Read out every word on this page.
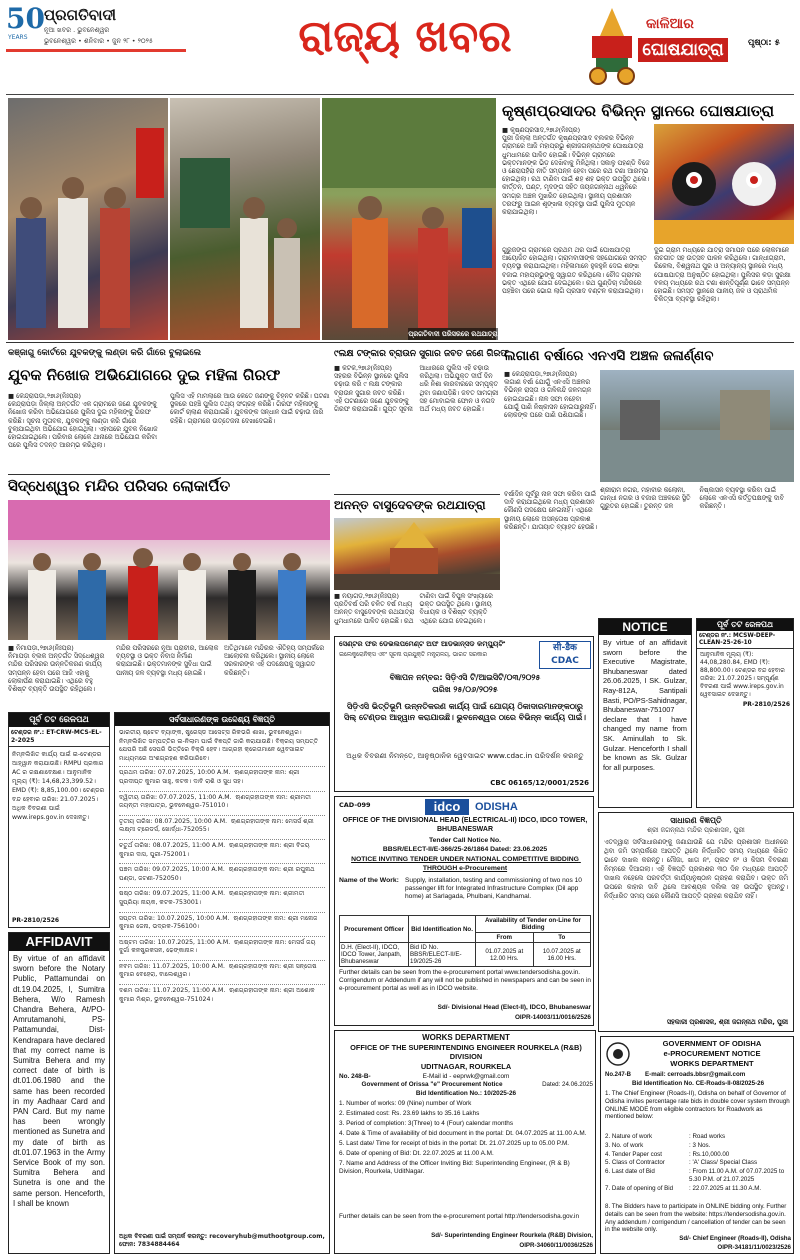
50
YEARS
ପ୍ରଗତିବାଦୀ
ନୂଆ ଖବର . ଭୁବନେଶ୍ୱର
ଭୁବନେଶ୍ୱର • ଶନିବାର • ଜୁନ ୨୮ • ୨୦୨୫	ରାଜ୍ୟ ଖବର	କାଳିଆର
ଘୋଷଯାତ୍ରା	ପୃଷ୍ଠା: ୫
ପ୍ରଗତିବାଦୀ ପରିସରରେ ରଥଯାତ୍ରା
କୃଷ୍ଣପ୍ରସାଦର ବିଭିନ୍ନ ସ୍ଥାନରେ ଘୋଷଯାତ୍ରା
■ କୃଷ୍ଣପ୍ରସାଦ,୨୭ା୬(ନିଃପ୍ର)
ପୁରୀ ଜିଲ୍ଲା ଅନ୍ତର୍ଗତ କୃଷ୍ଣପ୍ରସାଦ ବ୍ଲକର ବିଭିନ୍ନ ଗ୍ରାମରେ ଆଜି ମହାପ୍ରଭୁ ଶ୍ରୀଜଗନ୍ନାଥଙ୍କ ଘୋଷଯାତ୍ରା ଧୁମଧାମରେ ପାଳିତ ହୋଇଛି। ବିଭିନ୍ନ ଗ୍ରାମରେ ଭକ୍ତମାନଙ୍କ ଭିଡ଼ ଦେଖିବାକୁ ମିଳିଥିଲା। ସକାଳୁ ପହଣ୍ଡି ବିଜେ ଓ ଛେରାପହଁରା ନୀତି ସମ୍ପନ୍ନ ହେବା ପରେ ରଥ ଟଣା ଆରମ୍ଭ ହୋଇଥିଲା। ରଥ ଟାଣିବା ପାଇଁ ଶହ ଶହ ଭକ୍ତ ଉପସ୍ଥିତ ଥିଲେ। କୀର୍ତ୍ତନ, ଘଣ୍ଟ, ମୃଦଙ୍ଗ ସହିତ ଜୟଜଗନ୍ନାଥ ଧ୍ୱନିରେ ସମଗ୍ର ଅଞ୍ଚଳ ମୁଖରିତ ହୋଇଥିଲା। ସ୍ଥାନୀୟ ପ୍ରଶାସନ ତରଫରୁ ଆଇନ ଶୃଙ୍ଖଳା ବ୍ୟବସ୍ଥା ପାଇଁ ପୁଲିସ ମୁତୟନ କରାଯାଇଥିଲା।
ଗୁରୁଜଙ୍ଗ ଗ୍ରାମରେ ପ୍ରଥମ ଥର ପାଇଁ ଘୋଷଯାତ୍ରା ଆୟୋଜିତ ହୋଇଥିଲା। ଗ୍ରାମବାସୀଙ୍କ ସହଯୋଗରେ ସମସ୍ତ ବ୍ୟବସ୍ଥା କରାଯାଇଥିଲା। ମହିଳାମାନେ ହୁଳହୁଳି ଦେଇ ଶଙ୍ଖ ବଜାଇ ମହାପ୍ରଭୁଙ୍କୁ ସ୍ୱାଗତ କରିଥିଲେ। ଚୌଦ୍ଦ ଗ୍ରାମର ଭକ୍ତ ଏଥିରେ ଯୋଗ ଦେଇଥିଲେ। ରଥ ଗୁଣ୍ଡିଚା ମନ୍ଦିରରେ ପହଞ୍ଚିବା ପରେ ଭୋଗ ଲାଗି ପ୍ରସାଦ ବଣ୍ଟନ କରାଯାଇଥିଲା।
ଦୁଇ ଗ୍ରାମ ମଧ୍ୟରେ ଯାତ୍ରା ସମାପନ ପରେ ଲୋକମାନେ ନାଚଗୀତ ସହ ଉତ୍ସବ ପାଳନ କରିଥିଲେ। ଗାନ୍ଧୀଗ୍ରାମ, ରିକେଲ, ବିଶ୍ୱନାଥ ପୁର ଓ ଅନ୍ୟାନ୍ୟ ସ୍ଥାନରେ ମଧ୍ୟ ଘୋଷଯାତ୍ରା ଅନୁଷ୍ଠିତ ହୋଇଥିଲା। ପୁଲିସର କଡ଼ା ସୁରକ୍ଷା ବଳୟ ମଧ୍ୟରେ ରଥ ଟଣା ଶାନ୍ତିପୂର୍ଣ୍ଣ ଭାବେ ସମ୍ପନ୍ନ ହୋଇଛି। ସମସ୍ତ ସ୍ଥାନରେ ପାନୀୟ ଜଳ ଓ ପ୍ରାଥମିକ ଚିକିତ୍ସା ବ୍ୟବସ୍ଥା ରହିଥିଲା।
କଞ୍ଜାଗୁ କୋର୍ଟରେ ଯୁବକଙ୍କୁ ଲଣ୍ଡା କରି ଗାଁରେ ବୁଲାଇଲେ
ଯୁବକ ନିଖୋଜ ଅଭିଯୋଗରେ ଦୁଇ ମହିଳା ଗିରଫ
■ କେନ୍ଦ୍ରାପଡ଼ା,୨୭ା୬(ନିଃପ୍ର)
କେନ୍ଦ୍ରାପଡ଼ା ଜିଲ୍ଲା ଅନ୍ତର୍ଗତ ଏକ ଗ୍ରାମରେ ଜଣେ ଯୁବକଙ୍କୁ ନିଖୋଜ କରିବା ଅଭିଯୋଗରେ ପୁଲିସ ଦୁଇ ମହିଳାଙ୍କୁ ଗିରଫ କରିଛି। ସୂଚନା ମୁତାବକ, ଯୁବକଙ୍କୁ ଲଣ୍ଡା କରି ଗାଁରେ ବୁଲାଯାଇଥିବା ଅଭିଯୋଗ ହୋଇଥିଲା। ଏହାପରେ ଯୁବକ ନିଖୋଜ ହୋଇଯାଇଥିଲେ। ପରିବାର ଲୋକେ ଥାନାରେ ଅଭିଯୋଗ କରିବା ପରେ ପୁଲିସ ତଦନ୍ତ ଆରମ୍ଭ କରିଥିଲା।
ପୁଲିସ ଏହି ମାମଲାରେ ଆଉ କେତେ ଜଣଙ୍କୁ ଚିହ୍ନଟ କରିଛି। ଘଟଣା ସ୍ଥଳରେ ପହଞ୍ଚି ପୁଲିସ ତଥ୍ୟ ସଂଗ୍ରହ କରିଛି। ଗିରଫ ମହିଳାଙ୍କୁ କୋର୍ଟ ଚାଲାଣ କରାଯାଇଛି। ଯୁବକଙ୍କ ସନ୍ଧାନ ପାଇଁ ଚଢ଼ାଉ ଜାରି ରହିଛି। ଗ୍ରାମରେ ଉତ୍ତେଜନା ଦେଖାଦେଇଛି।
୯ଲକ୍ଷ ଟଙ୍କାର ବ୍ରାଉନ ସୁଗାର ଜବତ ଜଣେ ଗିରଫ
■ କଟକ,୨୭ା୬(ନିଃପ୍ର)
ସହରର ବିଭିନ୍ନ ସ୍ଥାନରେ ପୁଲିସ ଚଢ଼ାଉ କରି ୯ ଲକ୍ଷ ଟଙ୍କାର ବ୍ରାଉନ ସୁଗାର ଜବତ କରିଛି। ଏହି ଘଟଣାରେ ଜଣେ ଯୁବକଙ୍କୁ ଗିରଫ କରାଯାଇଛି। ଗୁପ୍ତ ସୂଚନା ଆଧାରରେ ପୁଲିସ ଏହି ଚଢ଼ାଉ କରିଥିଲା। ଅଭିଯୁକ୍ତ ଦୀର୍ଘ ଦିନ ଧରି ନିଶା କାରବାରରେ ସମ୍ପୃକ୍ତ ଥିବା ଜଣାପଡ଼ିଛି। ଜବତ ସାମଗ୍ରୀ ସହ ମୋବାଇଲ ଫୋନ ଓ ନଗଦ ଅର୍ଥ ମଧ୍ୟ ଜବତ ହୋଇଛି।
ଅନନ୍ତ ବାସୁଦେବଙ୍କ ରଥଯାତ୍ରା
■ ନୟାଗଡ଼,୨୭ା୬(ନିଃପ୍ର)
ପ୍ରତିବର୍ଷ ପରି ଚଳିତ ବର୍ଷ ମଧ୍ୟ ଅନନ୍ତ ବାସୁଦେବଙ୍କ ରଥଯାତ୍ରା ଧୁମଧାମରେ ପାଳିତ ହୋଇଛି। ରଥ ଟାଣିବା ପାଇଁ ବିପୁଳ ସଂଖ୍ୟାରେ ଭକ୍ତ ଉପସ୍ଥିତ ଥିଲେ। ସ୍ଥାନୀୟ ବିଧାୟକ ଓ ବିଶିଷ୍ଟ ବ୍ୟକ୍ତି ଏଥିରେ ଯୋଗ ଦେଇଥିଲେ।
ଲଗାଣ ବର୍ଷାରେ ଏନଏସି ଅଞ୍ଚଳ ଜଳାର୍ଣ୍ଣବ
■ କେନ୍ଦ୍ରାପଡ଼ା,୨୭ା୬(ନିଃପ୍ର)
ଲଗାଣ ବର୍ଷା ଯୋଗୁଁ ଏନଏସି ଅଞ୍ଚଳର ବିଭିନ୍ନ ରାସ୍ତା ଓ ଗଳିକନ୍ଦି ଜଳମଗ୍ନ ହୋଇଯାଇଛି। ନାଳ ସଫା ନହେବା ଯୋଗୁଁ ପାଣି ନିଷ୍କାସନ ହୋଇପାରୁନାହିଁ। ଲୋକଙ୍କ ଘରେ ପାଣି ପଶିଯାଇଛି।
ବର୍ଷାଦିନ ପୂର୍ବରୁ ନାଳ ସଫା କରିବା ପାଇଁ ଦାବି କରାଯାଇଥିଲେ ମଧ୍ୟ ପ୍ରଶାସନ କୌଣସି ପଦକ୍ଷେପ ନେଇନାହିଁ। ଏଥିରେ ସ୍ଥାନୀୟ ଲୋକେ ଅସନ୍ତୋଷ ପ୍ରକାଶ କରିଛନ୍ତି। ଯାତାୟାତ ବ୍ୟାହତ ହେଉଛି।
ଶ୍ରୀରାମ ନଗର, ମହାବୀର କଲୋନୀ, ଗାନ୍ଧୀ ନଗର ଓ ବଜାର ଅଞ୍ଚଳରେ ସ୍ଥିତି ଗୁରୁତର ହୋଇଛି। ତୁରନ୍ତ ଜଳ ନିଷ୍କାସନ ବ୍ୟବସ୍ଥା କରିବା ପାଇଁ ଲୋକେ ଏନଏସି କର୍ତ୍ତୃପକ୍ଷଙ୍କୁ ଦାବି କରିଛନ୍ତି।
ସିଦ୍ଧେଶ୍ୱର ମନ୍ଦିର ପରିସର ଲୋକାର୍ପିତ
■ ନିମାପଡ଼ା,୨୭ା୬(ନିଃପ୍ର)
ନିମାପଡ଼ା ବ୍ଲକ ଅନ୍ତର୍ଗତ ସିଦ୍ଧେଶ୍ୱର ମନ୍ଦିର ପରିସରର ଉନ୍ନତିକରଣ କାର୍ଯ୍ୟ ସମ୍ପନ୍ନ ହେବା ପରେ ଆଜି ଏହାକୁ ଲୋକାର୍ପଣ କରାଯାଇଛି। ଏଥିରେ ବହୁ ବିଶିଷ୍ଟ ବ୍ୟକ୍ତି ଉପସ୍ଥିତ ରହିଥିଲେ।
ମନ୍ଦିର ପରିସରରେ ନୂଆ ପ୍ରାଚୀର, ଆଲୋକ ବ୍ୟବସ୍ଥା ଓ ଭକ୍ତ ନିବାସ ନିର୍ମାଣ କରାଯାଇଛି। ଭକ୍ତମାନଙ୍କ ସୁବିଧା ପାଇଁ ପାନୀୟ ଜଳ ବ୍ୟବସ୍ଥା ମଧ୍ୟ ହୋଇଛି।
ଅତିଥିମାନେ ମନ୍ଦିରର ଐତିହ୍ୟ ସମ୍ପର୍କରେ ଆଲୋଚନା କରିଥିଲେ। ସ୍ଥାନୀୟ ଲୋକେ ସରକାରଙ୍କ ଏହି ପଦକ୍ଷେପକୁ ସ୍ୱାଗତ କରିଛନ୍ତି।
ସେଣ୍ଟର ଫର ଡେଭଲପମେଣ୍ଟ ଅଫ ଆଡଭାନ୍ସଡ କମ୍ପ୍ୟୁଟିଂ
ଇଲେକ୍ଟ୍ରୋନିକ୍ସ ଏବଂ ସୂଚନା ପ୍ରଯୁକ୍ତି ମନ୍ତ୍ରାଳୟ, ଭାରତ ସରକାର
सी-डैक CDAC
ବିଜ୍ଞାପନ ନମ୍ବର: ସିଡ଼ିଏସି ଟି/ଆଇସିଟି/୦୩/୨୦୨୫
ତାରିଖ ୨୫/୦୬/୨୦୨୫
ସିଡ଼ିଏସି ଭିତ୍ତିଭୂମି ଉନ୍ନତିକରଣ କାର୍ଯ୍ୟ ପାଇଁ ଯୋଗ୍ୟ ଠିକାଦାରମାନଙ୍କଠାରୁ ସିଲ୍ ଟେଣ୍ଡର ଆହ୍ୱାନ କରାଯାଉଛି। ଭୁବନେଶ୍ୱର ଠାରେ ବିଭିନ୍ନ କାର୍ଯ୍ୟ ପାଇଁ।
ଅଧିକ ବିବରଣୀ ନିମନ୍ତେ, ଆନୁଷ୍ଠାନିକ ୱେବସାଇଟ www.cdac.in ପରିଦର୍ଶନ କରନ୍ତୁ
CBC 06165/12/0001/2526
NOTICE
By virtue of an affidavit sworn before the Executive Magistrate, Bhubaneswar dated 26.06.2025, I SK. Gulzar, Ray-812A, Santipali Basti, PO/PS-Sahidnagar, Bhubaneswar-751007 declare that I have changed my name from SK. Aminullah to Sk. Gulzar. Henceforth I shall be known as Sk. Gulzar for all purposes.
ପୂର୍ବ ତଟ ରେଳପଥ
ଟେଣ୍ଡର ନଂ.: MCSW-DEEP-CLEAN-25-26-10
ଆନୁମାନିକ ମୂଲ୍ୟ (₹): 44,08,280.84, EMD (₹): 88,800.00। ଟେଣ୍ଡର ବନ୍ଦ ହେବାର ତାରିଖ: 21.07.2025। ସମ୍ପୂର୍ଣ୍ଣ ବିବରଣୀ ପାଇଁ www.ireps.gov.in ୱେବସାଇଟ ଦେଖନ୍ତୁ।
PR-2810/2526
ସାଧାରଣ ବିଜ୍ଞପ୍ତି
ଶ୍ରୀ ଜଗନ୍ନାଥ ମନ୍ଦିର ପ୍ରଶାସନ, ପୁରୀ
ଏତଦ୍ୱାରା ସର୍ବସାଧାରଣଙ୍କୁ ଜଣାଯାଉଛି ଯେ ମନ୍ଦିର ପ୍ରଶାସନ ଅଧୀନରେ ଥିବା ଜମି ସମ୍ପର୍କରେ ଆପତ୍ତି ଥିଲେ ନିର୍ଦ୍ଧାରିତ ସମୟ ମଧ୍ୟରେ ଲିଖିତ ଭାବେ ଦାଖଲ କରନ୍ତୁ। ମୌଜା, ଖାତା ନଂ, ପ୍ଲଟ ନଂ ଓ କିସମ ବିବରଣୀ ନିମ୍ନରେ ଦିଆଗଲା। ଏହି ବିଜ୍ଞପ୍ତି ପ୍ରକାଶର ୩୦ ଦିନ ମଧ୍ୟରେ ଆପତ୍ତି ଦାଖଲ ନହେଲେ ପରବର୍ତ୍ତୀ କାର୍ଯ୍ୟାନୁଷ୍ଠାନ ଗ୍ରହଣ କରାଯିବ। ଉକ୍ତ ଜମି ଉପରେ କାହାର ଦାବି ଥିଲେ ଆବଶ୍ୟକ ଦଲିଲ ସହ ଉପସ୍ଥିତ ହୁଅନ୍ତୁ। ନିର୍ଦ୍ଧାରିତ ସମୟ ପରେ କୌଣସି ଆପତ୍ତି ଗ୍ରହଣ କରାଯିବ ନାହିଁ।
ସହକାରୀ ପ୍ରଶାସକ, ଶ୍ରୀ ଜଗନ୍ନାଥ ମନ୍ଦିର, ପୁରୀ
ପୂର୍ବ ତଟ ରେଳପଥ
ଟେଣ୍ଡର ନଂ.: ET-CRW-MCS-EL-2-2025
ନିମ୍ନଲିଖିତ କାର୍ଯ୍ୟ ପାଇଁ ଇ-ଟେଣ୍ଡର ଆହ୍ୱାନ କରାଯାଉଛି। RMPU ପ୍ରକାର AC ର ରକ୍ଷଣାବେକ୍ଷଣ। ଆନୁମାନିକ ମୂଲ୍ୟ (₹): 14,68,23,399.52। EMD (₹): 8,85,100.00। ଟେଣ୍ଡର ବନ୍ଦ ହେବାର ତାରିଖ: 21.07.2025। ଅଧିକ ବିବରଣୀ ପାଇଁ www.ireps.gov.in ଦେଖନ୍ତୁ।
PR-2810/2526
AFFIDAVIT
By virtue of an affidavit sworn before the Notary Public, Pattamundai on dt.19.04.2025, I, Sumitra Behera, W/o Ramesh Chandra Behera, At/PO-Amrutamanohi, PS-Pattamundai, Dist-Kendrapara have declared that my correct name is Sumitra Behera and my correct date of birth is dt.01.06.1980 and the same has been recorded in my Aadhaar Card and PAN Card. But my name has been wrongly mentioned as Sunetra and my date of birth as dt.01.07.1963 in the Army Service Book of my son. Sumitra Behera and Sunetra is one and the same person. Henceforth, I shall be known
ସର୍ବସାଧାରଣଙ୍କ ଉଦ୍ଦେଶ୍ୟ ବିଜ୍ଞପ୍ତି
ଭାରତୀୟ ଷ୍ଟେଟ ବ୍ୟାଙ୍କ, ଷ୍ଟ୍ରେସ୍ଡ ଆସେଟ୍ସ ରିକଭରି ଶାଖା, ଭୁବନେଶ୍ୱର। ନିମ୍ନଲିଖିତ ସମ୍ପତ୍ତିର ଇ-ନିଲାମ ପାଇଁ ବିଜ୍ଞପ୍ତି ଜାରି କରାଯାଉଛି। ବିକ୍ରୟ ସମ୍ପତ୍ତି ଯେପରି ଅଛି ସେପରି ଭିତ୍ତିରେ ବିକ୍ରି ହେବ। ଆଗ୍ରହୀ କ୍ରେତାମାନେ ୱେବସାଇଟ ମାଧ୍ୟମରେ ଅଂଶଗ୍ରହଣ କରିପାରିବେ।
ପ୍ରଥମ ତାରିଖ: 07.07.2025, 10:00 A.M.  ଋଣଗ୍ରହୀତାଙ୍କ ନାମ: ଶ୍ରୀ ପ୍ରଦୀପ୍ତ କୁମାର ସାହୁ, କଟକ। ଦାବି ରାଶି ଓ ସୁଧ ସହ।
ଦ୍ୱିତୀୟ ତାରିଖ: 07.07.2025, 11:00 A.M.  ଋଣଗ୍ରହୀତାଙ୍କ ନାମ: ଶ୍ରୀମତୀ ଜୟନ୍ତୀ ମହାପାତ୍ର, ଭୁବନେଶ୍ୱର-751010।
ତୃତୀୟ ତାରିଖ: 08.07.2025, 10:00 A.M.  ଋଣଗ୍ରହୀତାଙ୍କ ନାମ: ମେସର୍ସ ଶ୍ରୀ ଲକ୍ଷ୍ମୀ ଟ୍ରେଡର୍ସ, ଖୋର୍ଦ୍ଧା-752055।
ଚତୁର୍ଥ ତାରିଖ: 08.07.2025, 11:00 A.M.  ଋଣଗ୍ରହୀତାଙ୍କ ନାମ: ଶ୍ରୀ ବିଜୟ କୁମାର ଦାସ, ପୁରୀ-752001।
ପଞ୍ଚମ ତାରିଖ: 09.07.2025, 10:00 A.M.  ଋଣଗ୍ରହୀତାଙ୍କ ନାମ: ଶ୍ରୀ ରଘୁନାଥ ପଣ୍ଡା, ଜଟଣୀ-752050।
ଷଷ୍ଠ ତାରିଖ: 09.07.2025, 11:00 A.M.  ଋଣଗ୍ରହୀତାଙ୍କ ନାମ: ଶ୍ରୀମତୀ ସୁପ୍ରିୟା ନାୟକ, କଟକ-753001।
ସପ୍ତମ ତାରିଖ: 10.07.2025, 10:00 A.M.  ଋଣଗ୍ରହୀତାଙ୍କ ନାମ: ଶ୍ରୀ ମନୋଜ କୁମାର ଜେନା, ଭଦ୍ରକ-756100।
ଅଷ୍ଟମ ତାରିଖ: 10.07.2025, 11:00 A.M.  ଋଣଗ୍ରହୀତାଙ୍କ ନାମ: ମେସର୍ସ ଜୟ ଦୁର୍ଗା କନଷ୍ଟ୍ରକସନ, ଢେଙ୍କାନାଳ।
ନବମ ତାରିଖ: 11.07.2025, 10:00 A.M.  ଋଣଗ୍ରହୀତାଙ୍କ ନାମ: ଶ୍ରୀ ସନ୍ତୋଷ କୁମାର ବେହେରା, ବାଲେଶ୍ୱର।
ଦଶମ ତାରିଖ: 11.07.2025, 11:00 A.M.  ଋଣଗ୍ରହୀତାଙ୍କ ନାମ: ଶ୍ରୀ ଅଶୋକ କୁମାର ମିଶ୍ର, ଭୁବନେଶ୍ୱର-751024।
ଅଧିକ ବିବରଣୀ ପାଇଁ ସମ୍ପର୍କ କରନ୍ତୁ: recoveryhub@muthootgroup.com, ଫୋନ: 7834884464
CAD-099	idco	ODISHA
OFFICE OF THE DIVISIONAL HEAD (ELECTRICAL-II) IDCO, IDCO TOWER, BHUBANESWAR
Tender Call Notice No.
BBSR/ELECT-II/E-366/25-26/1864 Dated: 23.06.2025
NOTICE INVITING TENDER UNDER NATIONAL COMPETITIVE BIDDING THROUGH e-Procurement
Name of the Work: Supply, installation, testing and commissioning of two nos 10 passenger lift for Integrated Infrastructure Complex (Dil app home) at Sarlagada, Phulbani, Kandhamal.
Procurement Officer	Bid Identification No.	Availability of Tender on-Line for Bidding	
		From	To
D.H. (Elect-II), IDCO, IDCO Tower, Janpath, Bhubaneswar	Bid ID No. BBSR/ELECT-II/E-19/2025-26	01.07.2025 at 12.00 Hrs.	10.07.2025 at 16.00 Hrs.
Further details can be seen from the e-procurement portal www.tendersodisha.gov.in. Corrigendum or Addendum if any will not be published in newspapers and can be seen in e-procurement portal as well as in IDCO website.
Sd/- Divisional Head (Elect-II), IDCO, Bhubaneswar
OIPR-14003/11/0016/2526
WORKS DEPARTMENT
OFFICE OF THE SUPERINTENDING ENGINEER ROURKELA (R&B) DIVISION
UDITNAGAR, ROURKELA
No. 248-B-	E-Mail id - eeprwk@gmail.com
Dated: 24.06.2025
Government of Orissa "e" Procurement Notice
Bid Identification No.: 10/2025-26
1. Number of works: 09 (Nine) number of Work
2. Estimated cost: Rs. 23.69 lakhs to 35.16 Lakhs
3. Period of completion: 3(Three) to 4 (Four) calendar months
4. Date & Time of availability of bid document in the portal: Dt. 04.07.2025 at 11.00 A.M.
5. Last date/ Time for receipt of bids in the portal: Dt. 21.07.2025 up to 05.00 P.M.
6. Date of opening of Bid: Dt. 22.07.2025 at 11.00 A.M.
7. Name and Address of the Officer Inviting Bid: Superintending Engineer, (R & B) Division, Rourkela, UditNagar.
Further details can be seen from the e-procurement portal http://tendersodisha.gov.in
Sd/- Superintending Engineer Rourkela (R&B) Division,
OIPR-34060/11/0036/2526
GOVERNMENT OF ODISHA
e-PROCUREMENT NOTICE
WORKS DEPARTMENT
No.247-B	E-mail: cerroads.bbsr@gmail.com
Bid Identification No. CE-Roads-II-08/2025-26
1. The Chief Engineer (Roads-II), Odisha on behalf of Governor of Odisha invites percentage rate bids in double cover system through ONLINE MODE from eligible contractors for Roadwork as mentioned below:
2. Nature of work	: Road works
3. No. of work	: 3 Nos.
4. Tender Paper cost	: Rs.10,000.00
5. Class of Contractor	: 'A' Class/ Special Class
6. Last date of Bid	: From 11.00 A.M. of 07.07.2025 to 5.30 P.M. of 21.07.2025
7. Date of opening of Bid	: 22.07.2025 at 11.30 A.M.
8. The Bidders have to participate in ONLINE bidding only. Further details can be seen from the website: https://tendersodisha.gov.in. Any addendum / corrigendum / cancellation of tender can be seen in the website only.
Sd/- Chief Engineer (Roads-II), Odisha
OIPR-34181/11/0023/2526
